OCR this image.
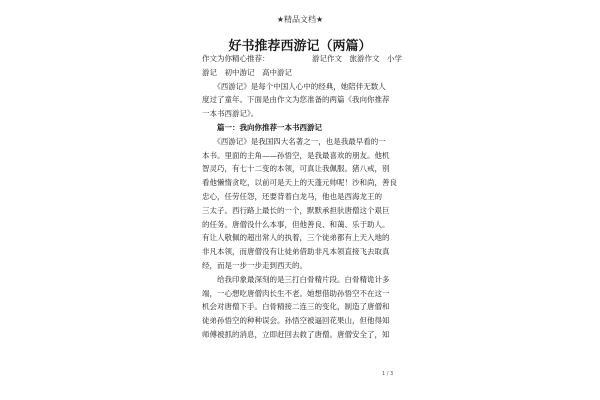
★精品文档★
好书推荐西游记（两篇）
作文为你精心推荐：	游记作文　旅游作文　小学

游记　初中游记　高中游记

　　《西游记》是每个中国人心中的经典，她陪伴无数人

度过了童年。下面是由作文为您准备的两篇《我向你推荐

一本书西游记》。

　　篇一：我向你推荐一本书西游记

　　《西游记》是我国四大名著之一，也是我最早看的一

本书。里面的主角——孙悟空，是我最喜欢的朋友。他机

智灵巧，有七十二变的本领，可真让我佩服。猪八戒，别

看他懒惰贪吃，以前可是天上的天蓬元帅呢！沙和尚，善良

忠心，任劳任怨，还要背着白龙马，他也是西海龙王的

三太子。西行路上最长的一个，默默承担驮唐僧这个艰巨

的任务。唐僧没什么本事，但他善良、和蔼、乐于助人。

有让人敬佩的超出常人的执着，三个徒弟都有上天入地的

非凡本领，而唐僧没有让徒弟借助非凡本领直接飞去取真

经，而是一步一步走到西天的。

　　给我印象最深刻的是三打白骨精片段。白骨精诡计多

端，一心想吃唐僧肉长生不老。她想借助孙悟空不在这一

机会对唐僧下手。白骨精接二连三的变化，制造了唐僧和

徒弟孙悟空的种种误会。孙悟空被逼回花果山，但他得知

师傅被抓的消息，立即赶回去救了唐僧。唐僧安全了，知

1 / 3
